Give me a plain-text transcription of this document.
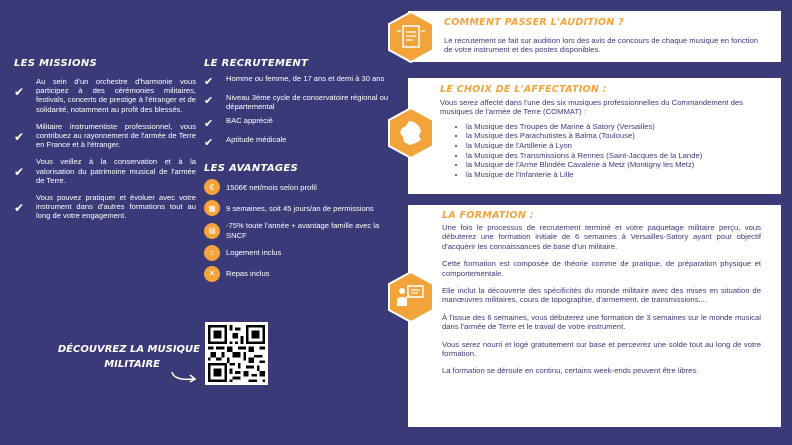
LES MISSIONS
✔
Au sein d'un orchestre d'harmonie vous participez à des cérémonies militaires, festivals, concerts de prestige à l'étranger et de solidarité, notamment au profit des blessés.
✔
Militaire instrumentiste professionnel, vous contribuez au rayonnement de l'armée de Terre en France et à l'étranger.
✔
Vous veillez à la conservation et à la valorisation du patrimoine musical de l'armée de Terre.
✔
Vous pouvez pratiquer et évoluer avec votre instrument dans d'autres formations tout au long de votre engagement.
LE RECRUTEMENT
✔	Homme ou femme, de 17 ans et demi à 30 ans
✔	Niveau 3ème cycle de conservatoire régional ou départemental
✔	BAC apprécié
✔	Aptitude médicale
LES AVANTAGES
€	1506€ net/mois selon profil
▦	9 semaines, soit 45 jours/an de permissions
▤
-75% toute l'année + avantage famille avec la SNCF
⌂	Logement inclus
✕	Repas inclus
DÉCOUVREZ LA MUSIQUE
MILITAIRE
COMMENT PASSER L'AUDITION ?
Le recrutement se fait sur audition lors des avis de concours de chaque musique en fonction de votre instrument et des postes disponibles.
LE CHOIX DE L'AFFECTATION :
Vous serez affecté dans l'une des six musiques professionnelles du Commandement des musiques de l'armée de Terre (COMMAT) :
• la Musique des Troupes de Marine à Satory (Versailles)
• la Musique des Parachutistes à Balma (Toulouse)
• la Musique de l'Artillerie à Lyon
• la Musique des Transmissions à Rennes (Saint-Jacques de la Lande)
• la Musique de l'Arme Blindée Cavalerie à Metz (Montigny les Metz)
• la Musique de l'Infanterie à Lille
LA FORMATION :
Une fois le processus de recrutement terminé et votre paquetage militaire perçu, vous débuterez une formation initiale de 6 semaines à Versailles-Satory ayant pour objectif d'acquérir les connaissances de base d'un militaire.
Cette formation est composée de théorie comme de pratique, de préparation physique et comportementale.
Elle inclut la découverte des spécificités du monde militaire avec des mises en situation de manœuvres militaires, cours de topographie, d'armement, de transmissions....
À l'issue des 6 semaines, vous débuterez une formation de 3 semaines sur le monde musical dans l'armée de Terre et le travail de votre instrument.
Vous serez nourri et logé gratuitement sur base et percevrez une solde tout au long de votre formation.
La formation se déroule en continu, certains week-ends peuvent être libres.
